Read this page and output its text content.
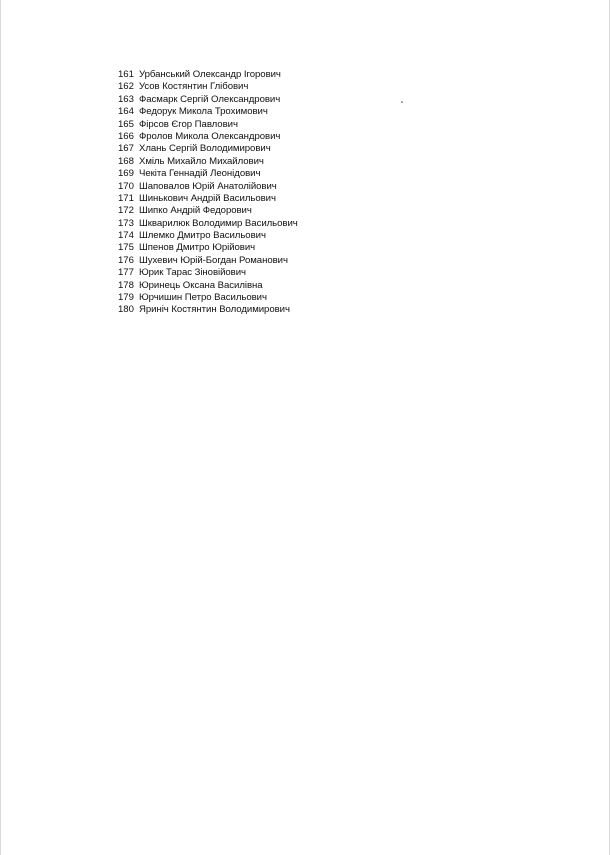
161 Урбанський Олександр Ігорович
162 Усов Костянтин Глібович
163 Фасмарк Сергій Олександрович
164 Федорук Микола Трохимович
165 Фірсов Єгор Павлович
166 Фролов Микола Олександрович
167 Хлань Сергій Володимирович
168 Хміль Михайло Михайлович
169 Чекіта Геннадій Леонідович
170 Шаповалов Юрій Анатолійович
171 Шинькович Андрій Васильович
172 Шипко Андрій Федорович
173 Шкварилюк Володимир Васильович
174 Шлемко Дмитро Васильович
175 Шпенов Дмитро Юрійович
176 Шухевич Юрій-Богдан Романович
177 Юрик Тарас Зіновійович
178 Юринець Оксана Василівна
179 Юрчишин Петро Васильович
180 Яриніч Костянтин Володимирович
